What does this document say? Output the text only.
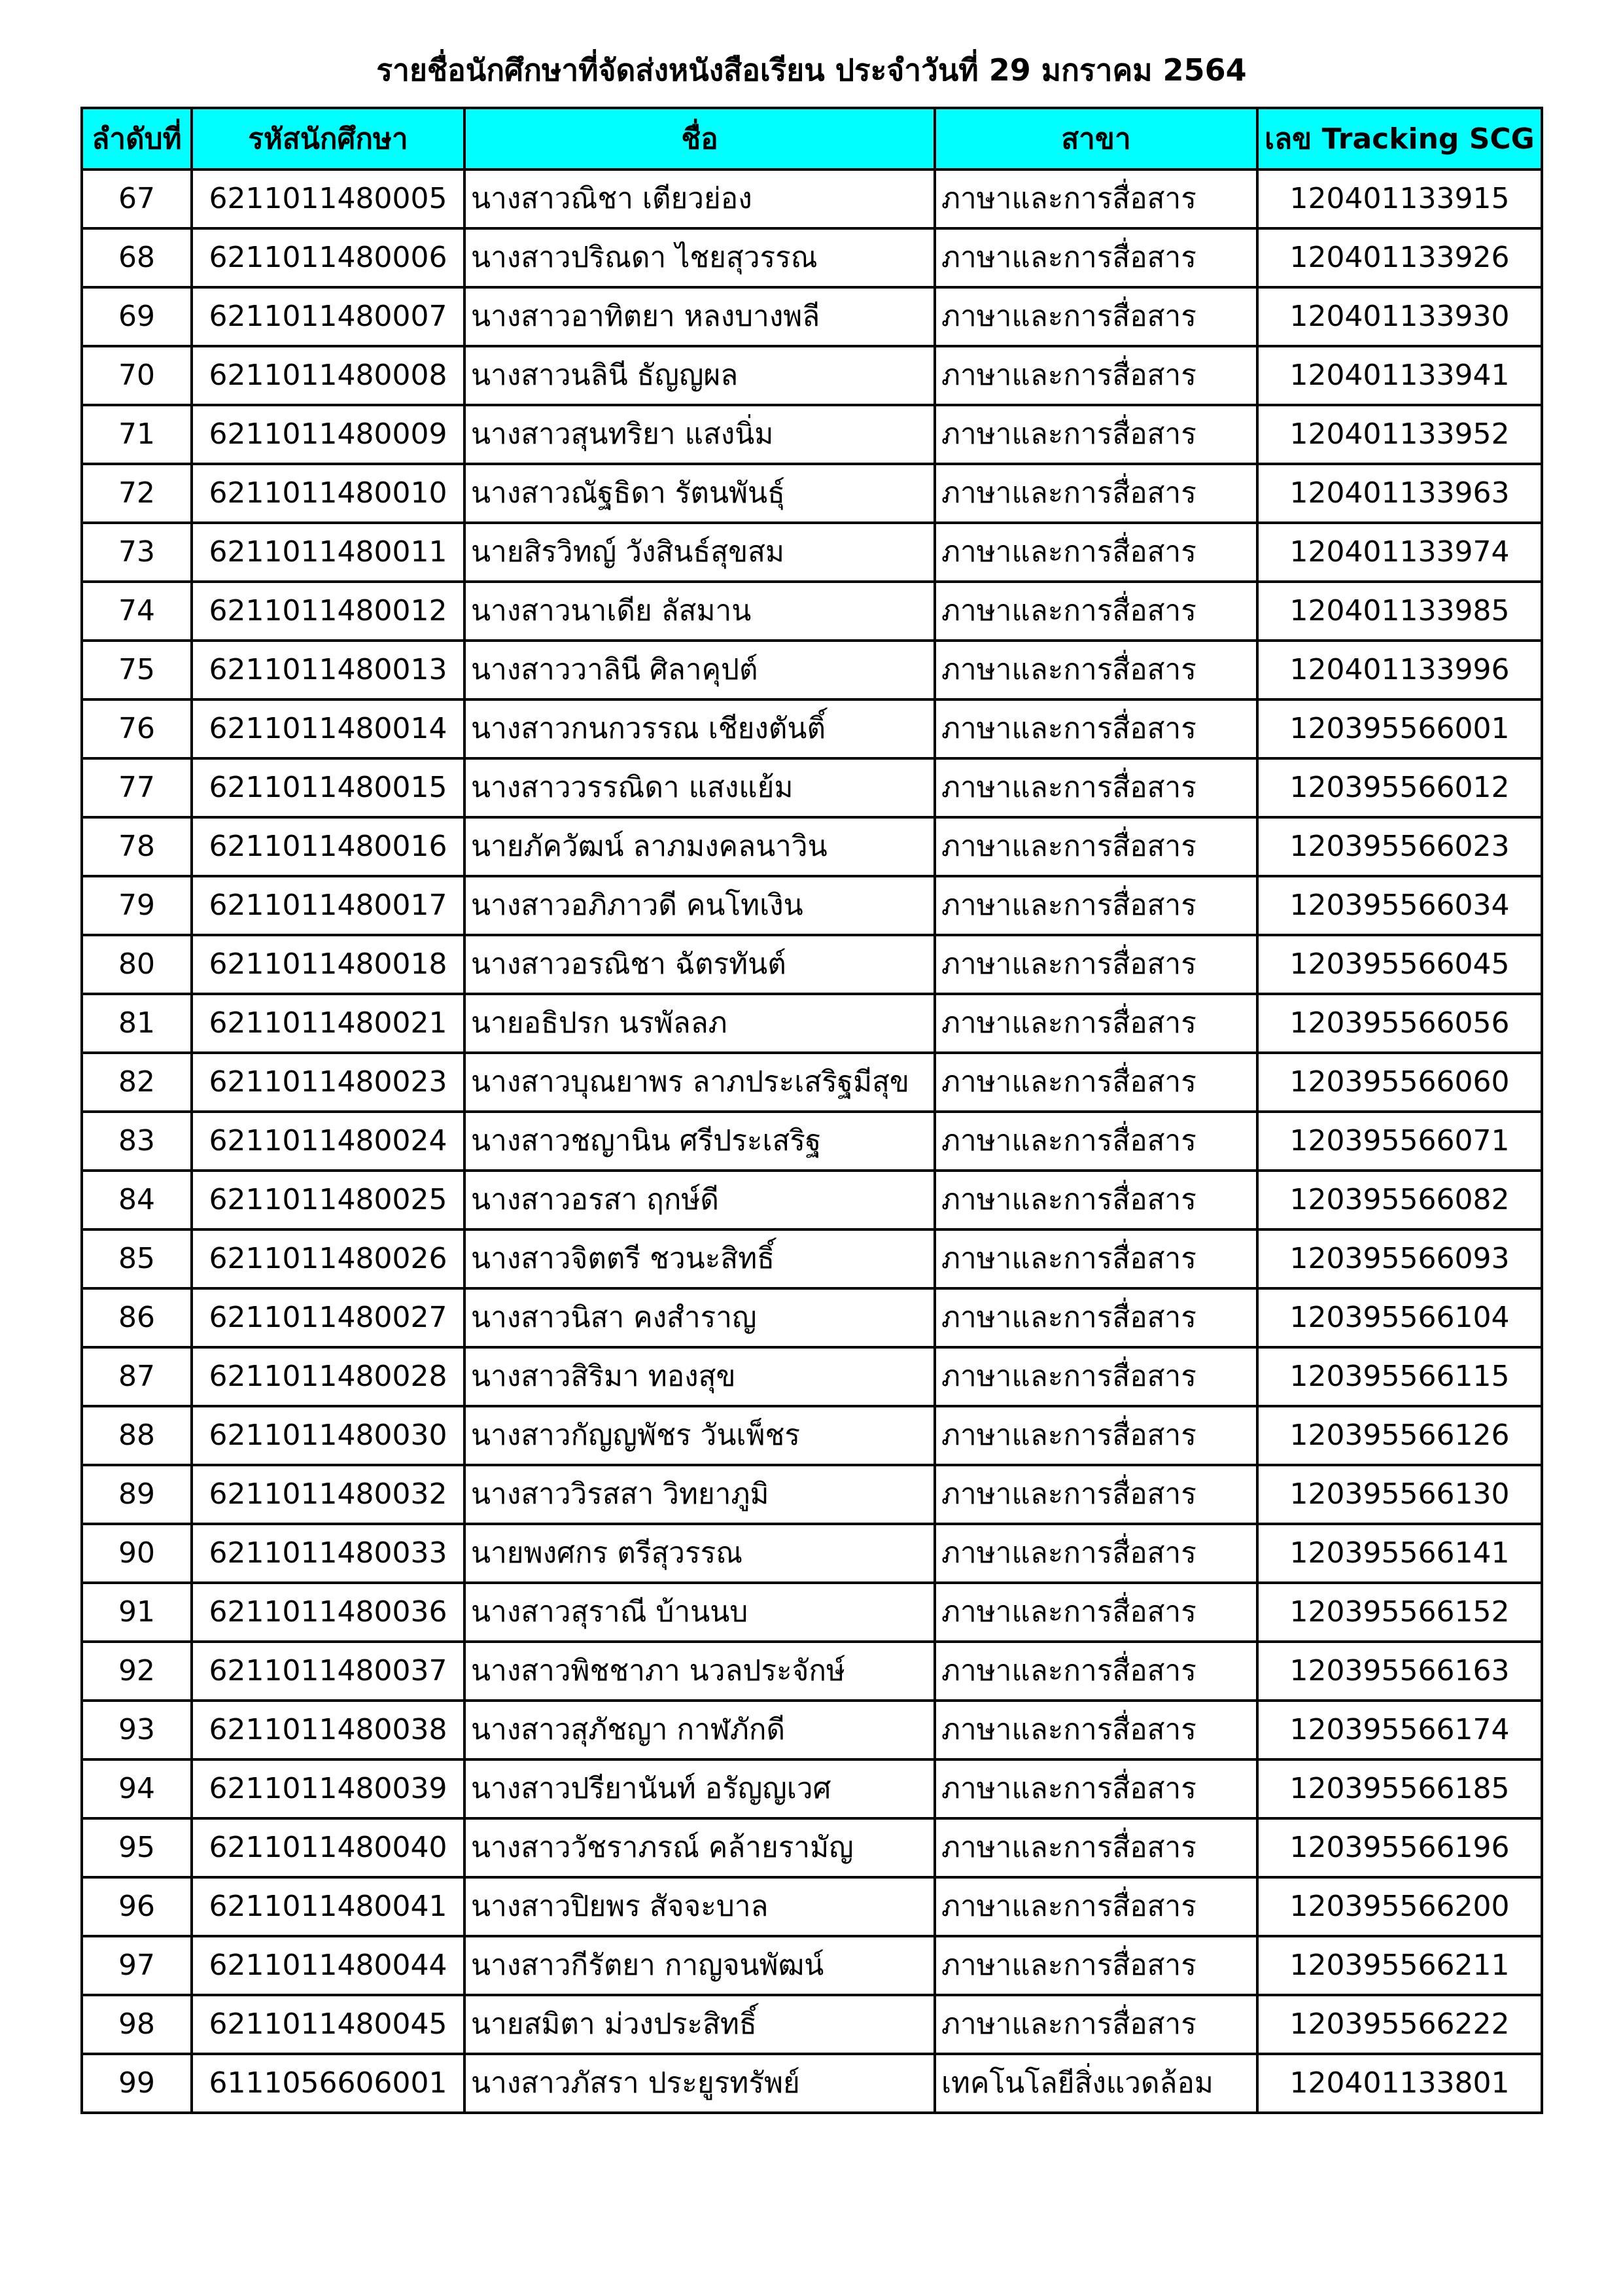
รายชื่อนักศึกษาที่จัดส่งหนังสือเรียน ประจำวันที่ 29 มกราคม 2564
ลำดับที่	รหัสนักศึกษา	ชื่อ	สาขา	เลข Tracking SCG
67	6211011480005	นางสาวณิชา เตียวย่อง	ภาษาและการสื่อสาร	120401133915
68	6211011480006	นางสาวปริณดา ไชยสุวรรณ	ภาษาและการสื่อสาร	120401133926
69	6211011480007	นางสาวอาทิตยา หลงบางพลี	ภาษาและการสื่อสาร	120401133930
70	6211011480008	นางสาวนลินี ธัญญผล	ภาษาและการสื่อสาร	120401133941
71	6211011480009	นางสาวสุนทริยา แสงนิ่ม	ภาษาและการสื่อสาร	120401133952
72	6211011480010	นางสาวณัฐธิดา รัตนพันธุ์	ภาษาและการสื่อสาร	120401133963
73	6211011480011	นายสิรวิทญ์ วังสินธ์สุขสม	ภาษาและการสื่อสาร	120401133974
74	6211011480012	นางสาวนาเดีย ลัสมาน	ภาษาและการสื่อสาร	120401133985
75	6211011480013	นางสาววาลินี ศิลาคุปต์	ภาษาและการสื่อสาร	120401133996
76	6211011480014	นางสาวกนกวรรณ เชียงตันติ์	ภาษาและการสื่อสาร	120395566001
77	6211011480015	นางสาววรรณิดา แสงแย้ม	ภาษาและการสื่อสาร	120395566012
78	6211011480016	นายภัควัฒน์ ลาภมงคลนาวิน	ภาษาและการสื่อสาร	120395566023
79	6211011480017	นางสาวอภิภาวดี คนโทเงิน	ภาษาและการสื่อสาร	120395566034
80	6211011480018	นางสาวอรณิชา ฉัตรทันต์	ภาษาและการสื่อสาร	120395566045
81	6211011480021	นายอธิปรก นรพัลลภ	ภาษาและการสื่อสาร	120395566056
82	6211011480023	นางสาวบุณยาพร ลาภประเสริฐมีสุข	ภาษาและการสื่อสาร	120395566060
83	6211011480024	นางสาวชญานิน ศรีประเสริฐ	ภาษาและการสื่อสาร	120395566071
84	6211011480025	นางสาวอรสา ฤกษ์ดี	ภาษาและการสื่อสาร	120395566082
85	6211011480026	นางสาวจิตตรี ชวนะสิทธิ์	ภาษาและการสื่อสาร	120395566093
86	6211011480027	นางสาวนิสา คงสำราญ	ภาษาและการสื่อสาร	120395566104
87	6211011480028	นางสาวสิริมา ทองสุข	ภาษาและการสื่อสาร	120395566115
88	6211011480030	นางสาวกัญญพัชร วันเพ็ชร	ภาษาและการสื่อสาร	120395566126
89	6211011480032	นางสาววิรสสา วิทยาภูมิ	ภาษาและการสื่อสาร	120395566130
90	6211011480033	นายพงศกร ตรีสุวรรณ	ภาษาและการสื่อสาร	120395566141
91	6211011480036	นางสาวสุราณี บ้านนบ	ภาษาและการสื่อสาร	120395566152
92	6211011480037	นางสาวพิชชาภา นวลประจักษ์	ภาษาและการสื่อสาร	120395566163
93	6211011480038	นางสาวสุภัชญา กาฬภักดี	ภาษาและการสื่อสาร	120395566174
94	6211011480039	นางสาวปรียานันท์ อรัญญเวศ	ภาษาและการสื่อสาร	120395566185
95	6211011480040	นางสาววัชราภรณ์ คล้ายรามัญ	ภาษาและการสื่อสาร	120395566196
96	6211011480041	นางสาวปิยพร สัจจะบาล	ภาษาและการสื่อสาร	120395566200
97	6211011480044	นางสาวกีรัตยา กาญจนพัฒน์	ภาษาและการสื่อสาร	120395566211
98	6211011480045	นายสมิตา ม่วงประสิทธิ์	ภาษาและการสื่อสาร	120395566222
99	6111056606001	นางสาวภัสรา ประยูรทรัพย์	เทคโนโลยีสิ่งแวดล้อม	120401133801
